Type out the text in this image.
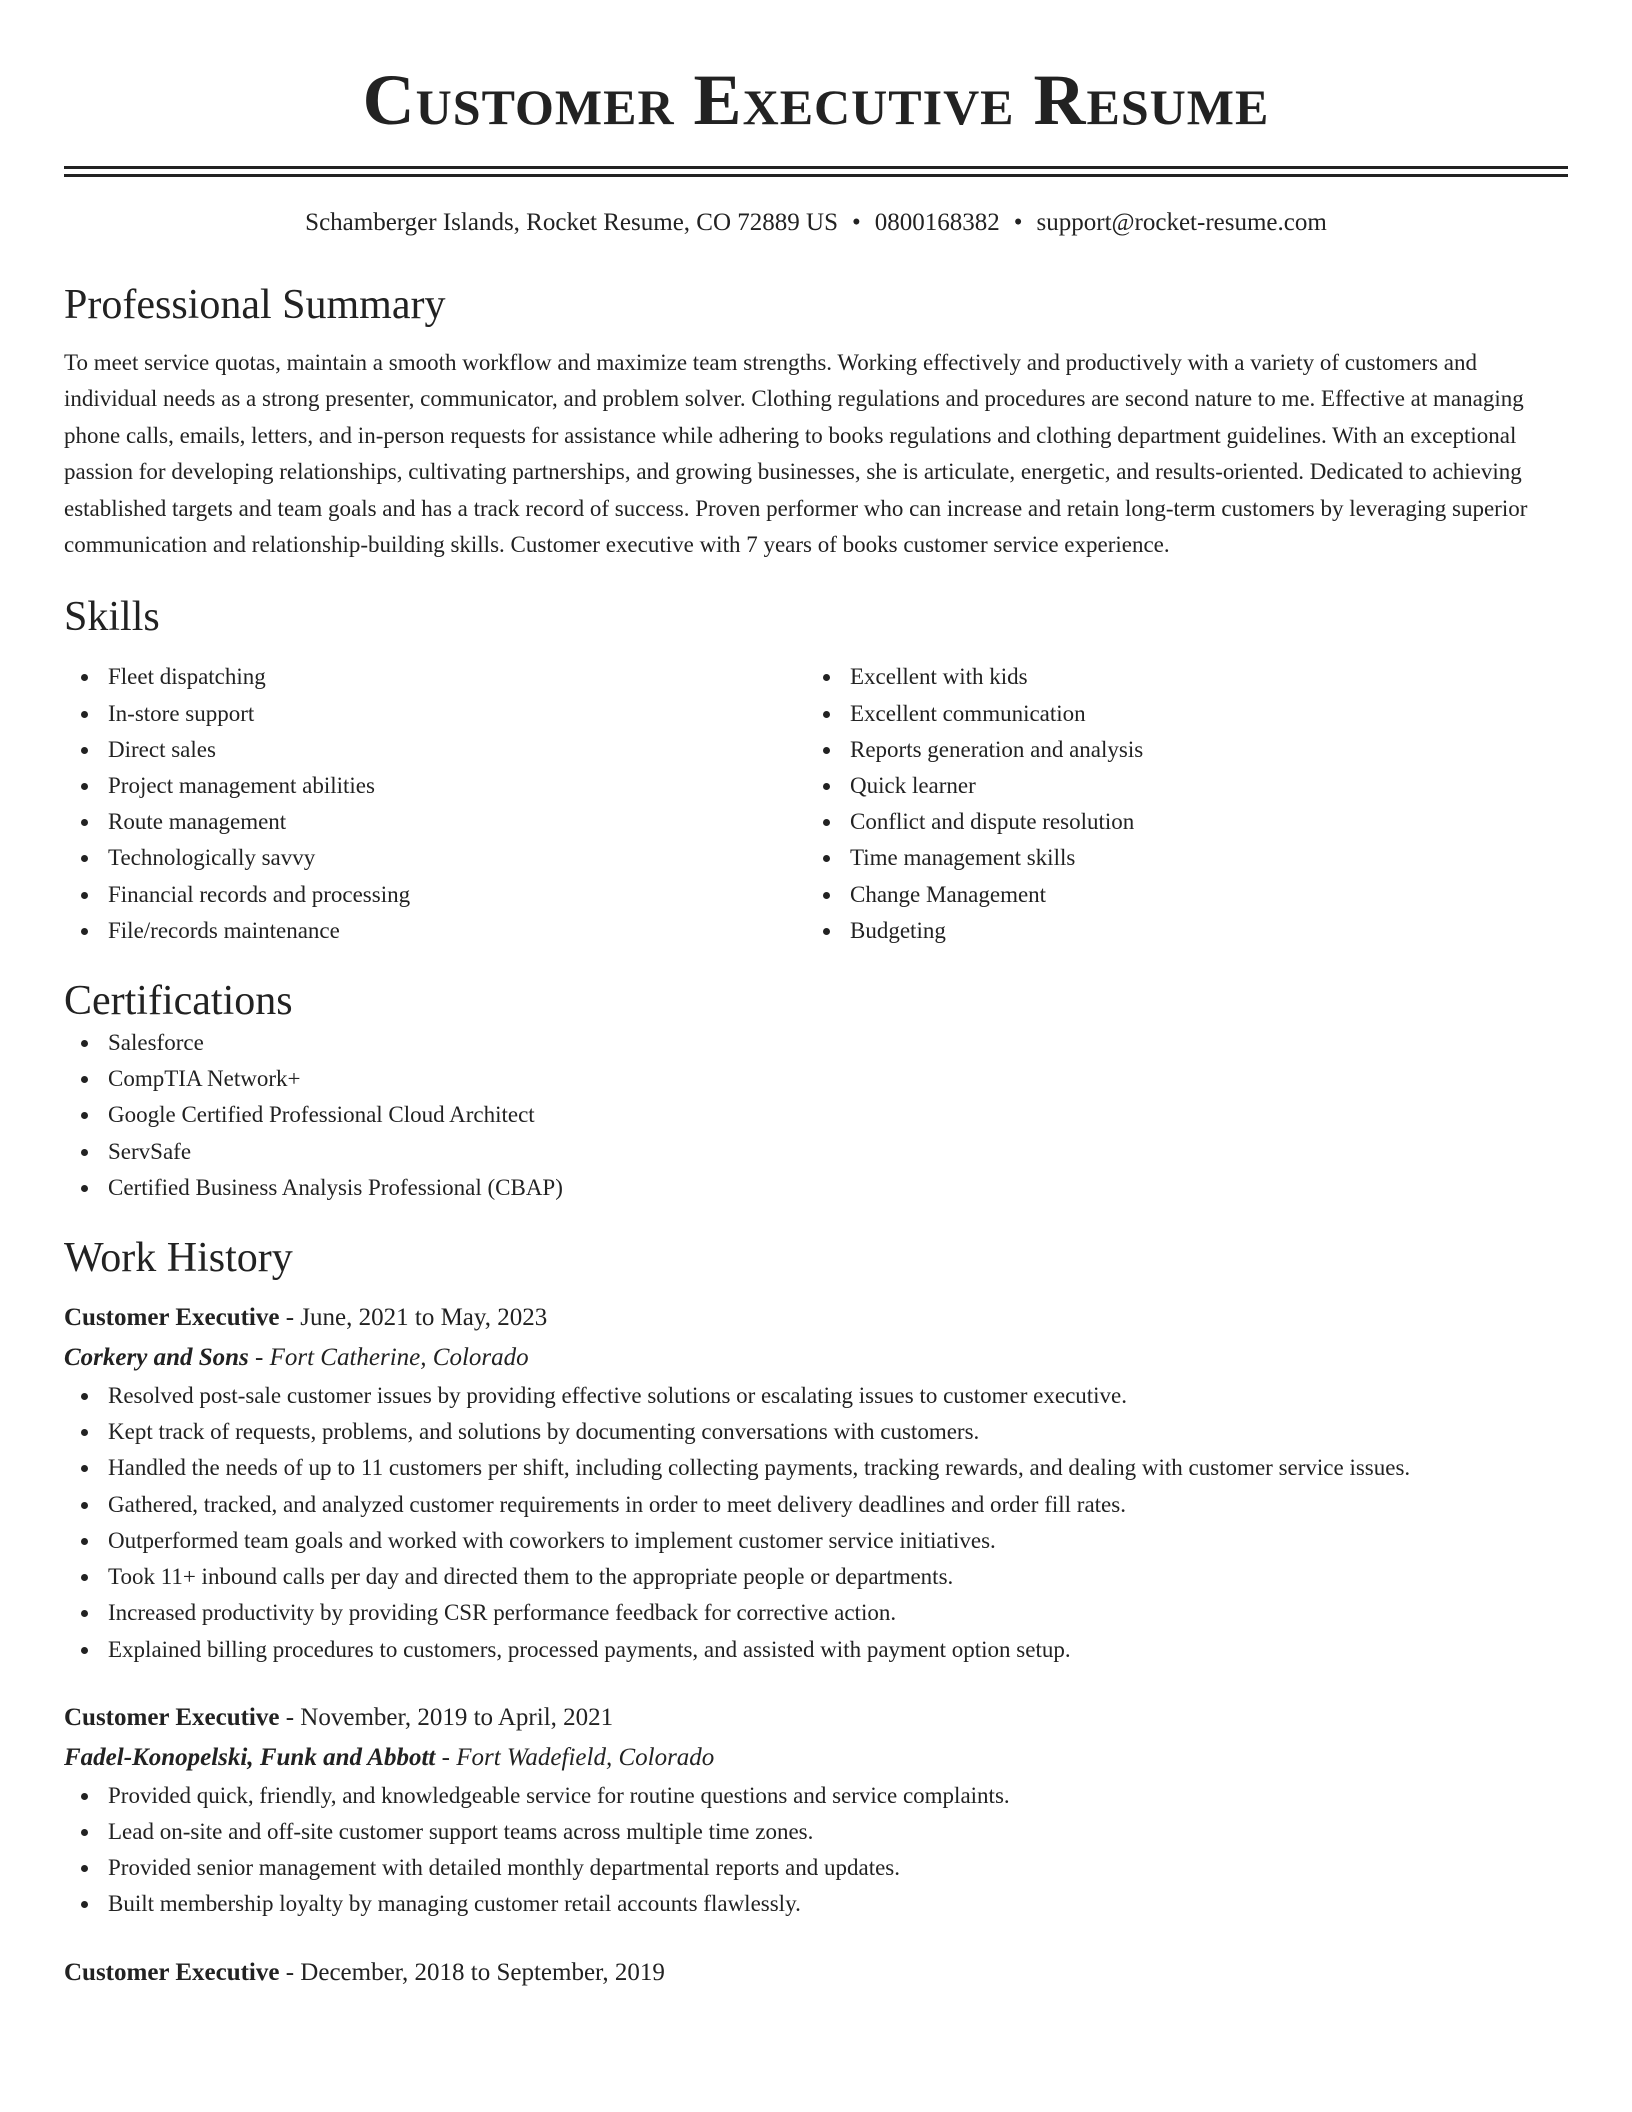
Customer Executive Resume
Schamberger Islands, Rocket Resume, CO 72889 US • 0800168382 • support@rocket-resume.com
Professional Summary

To meet service quotas, maintain a smooth workflow and maximize team strengths. Working effectively and productively with a variety of customers and individual needs as a strong presenter, communicator, and problem solver. Clothing regulations and procedures are second nature to me. Effective at managing phone calls, emails, letters, and in-person requests for assistance while adhering to books regulations and clothing department guidelines. With an exceptional passion for developing relationships, cultivating partnerships, and growing businesses, she is articulate, energetic, and results-oriented. Dedicated to achieving established targets and team goals and has a track record of success. Proven performer who can increase and retain long-term customers by leveraging superior communication and relationship-building skills. Customer executive with 7 years of books customer service experience.

Skills
Fleet dispatching
In-store support
Direct sales
Project management abilities
Route management
Technologically savvy
Financial records and processing
File/records maintenance
Excellent with kids
Excellent communication
Reports generation and analysis
Quick learner
Conflict and dispute resolution
Time management skills
Change Management
Budgeting
Certifications
Salesforce
CompTIA Network+
Google Certified Professional Cloud Architect
ServSafe
Certified Business Analysis Professional (CBAP)
Work History
Customer Executive - June, 2021 to May, 2023
Corkery and Sons - Fort Catherine, Colorado
Resolved post-sale customer issues by providing effective solutions or escalating issues to customer executive.
Kept track of requests, problems, and solutions by documenting conversations with customers.
Handled the needs of up to 11 customers per shift, including collecting payments, tracking rewards, and dealing with customer service issues.
Gathered, tracked, and analyzed customer requirements in order to meet delivery deadlines and order fill rates.
Outperformed team goals and worked with coworkers to implement customer service initiatives.
Took 11+ inbound calls per day and directed them to the appropriate people or departments.
Increased productivity by providing CSR performance feedback for corrective action.
Explained billing procedures to customers, processed payments, and assisted with payment option setup.
Customer Executive - November, 2019 to April, 2021
Fadel-Konopelski, Funk and Abbott - Fort Wadefield, Colorado
Provided quick, friendly, and knowledgeable service for routine questions and service complaints.
Lead on-site and off-site customer support teams across multiple time zones.
Provided senior management with detailed monthly departmental reports and updates.
Built membership loyalty by managing customer retail accounts flawlessly.
Customer Executive - December, 2018 to September, 2019
